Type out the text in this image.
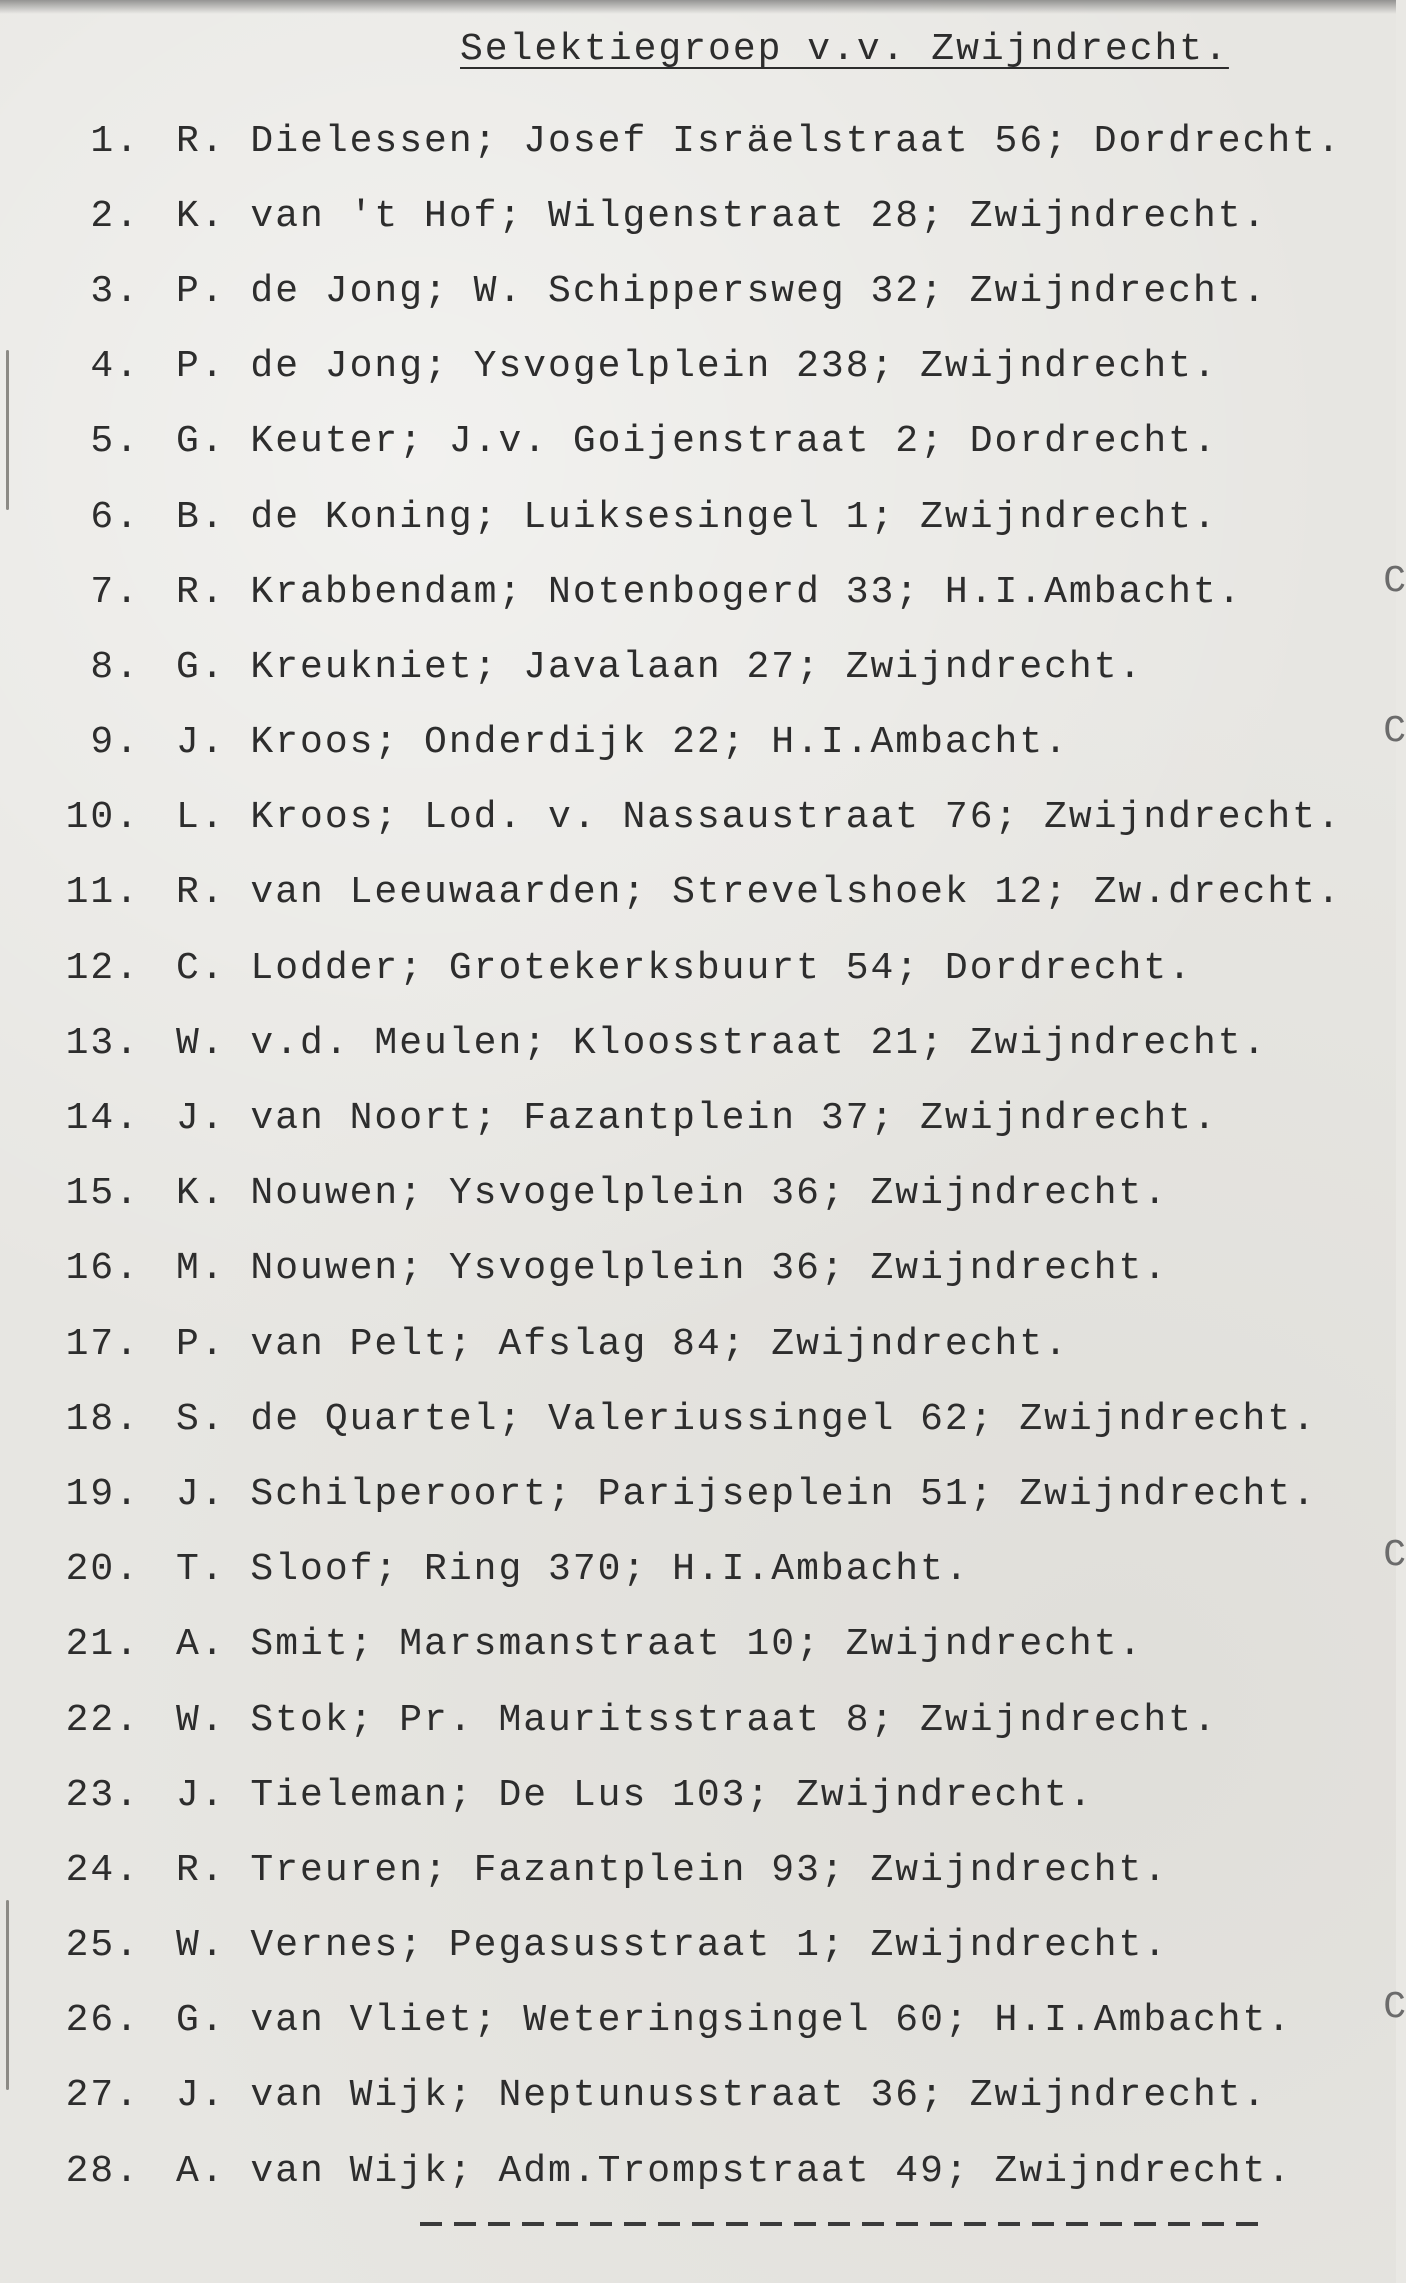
Selektiegroep v.v. Zwijndrecht.
1. R. Dielessen; Josef Isräelstraat 56; Dordrecht.
2. K. van 't Hof; Wilgenstraat 28; Zwijndrecht.
3. P. de Jong; W. Schippersweg 32; Zwijndrecht.
4. P. de Jong; Ysvogelplein 238; Zwijndrecht.
5. G. Keuter; J.v. Goijenstraat 2; Dordrecht.
6. B. de Koning; Luiksesingel 1; Zwijndrecht.
7. R. Krabbendam; Notenbogerd 33; H.I.Ambacht.
8. G. Kreukniet; Javalaan 27; Zwijndrecht.
9. J. Kroos; Onderdijk 22; H.I.Ambacht.
10. L. Kroos; Lod. v. Nassaustraat 76; Zwijndrecht.
11. R. van Leeuwaarden; Strevelshoek 12; Zw.drecht.
12. C. Lodder; Grotekerksbuurt 54; Dordrecht.
13. W. v.d. Meulen; Kloosstraat 21; Zwijndrecht.
14. J. van Noort; Fazantplein 37; Zwijndrecht.
15. K. Nouwen; Ysvogelplein 36; Zwijndrecht.
16. M. Nouwen; Ysvogelplein 36; Zwijndrecht.
17. P. van Pelt; Afslag 84; Zwijndrecht.
18. S. de Quartel; Valeriussingel 62; Zwijndrecht.
19. J. Schilperoort; Parijseplein 51; Zwijndrecht.
20. T. Sloof; Ring 370; H.I.Ambacht.
21. A. Smit; Marsmanstraat 10; Zwijndrecht.
22. W. Stok; Pr. Mauritsstraat 8; Zwijndrecht.
23. J. Tieleman; De Lus 103; Zwijndrecht.
24. R. Treuren; Fazantplein 93; Zwijndrecht.
25. W. Vernes; Pegasusstraat 1; Zwijndrecht.
26. G. van Vliet; Weteringsingel 60; H.I.Ambacht.
27. J. van Wijk; Neptunusstraat 36; Zwijndrecht.
28. A. van Wijk; Adm.Trompstraat 49; Zwijndrecht.
C
C
C
C
